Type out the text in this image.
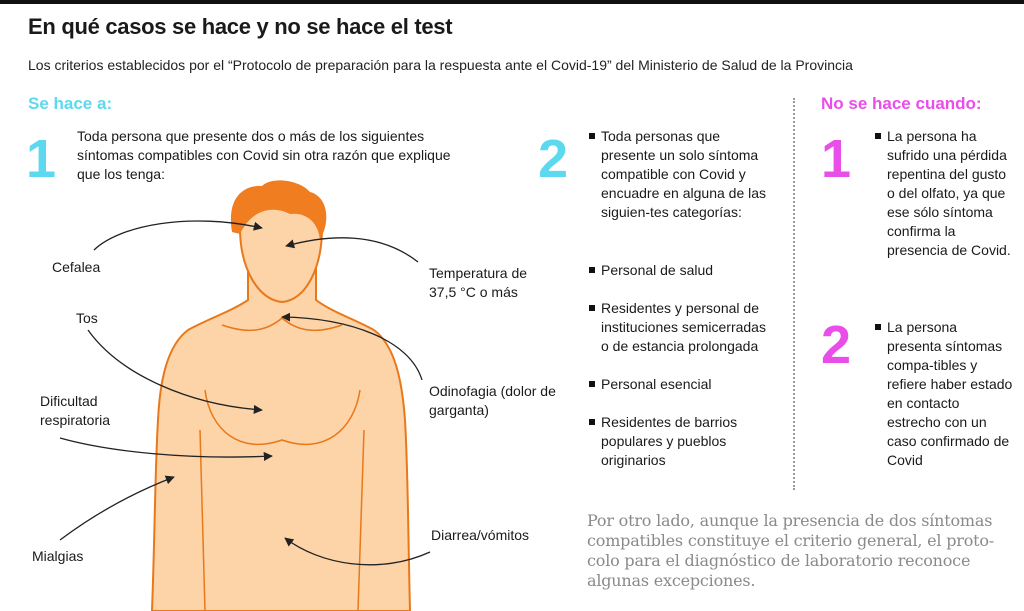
En qué casos se hace y no se hace el test
Los criterios establecidos por el “Protocolo de preparación para la respuesta ante el Covid-19” del Ministerio de Salud de la Provincia
Se hace a:
1 Toda persona que presente dos o más de los siguientes síntomas compatibles con Covid sin otra razón que explique que los tenga:
Cefalea	Temperatura de 37,5 °C o más
Tos
Odinofagia (dolor de garganta)
Dificultad respiratoria
Diarrea/vómitos
Mialgias
2	Toda personas que presente un solo síntoma compatible con Covid y encuadre en alguna de las siguien-tes categorías:
Personal de salud
Residentes y personal de instituciones semicerradas o de estancia prolongada
Personal esencial
Residentes de barrios populares y pueblos originarios
No se hace cuando:
1	La persona ha sufrido una pérdida repentina del gusto o del olfato, ya que ese sólo síntoma confirma la presencia de Covid.
2	La persona presenta síntomas compa-tibles y refiere haber estado en contacto estrecho con un caso confirmado de Covid
Por otro lado, aunque la presencia de dos síntomas compatibles constituye el criterio general, el proto-colo para el diagnóstico de laboratorio reconoce algunas excepciones.
